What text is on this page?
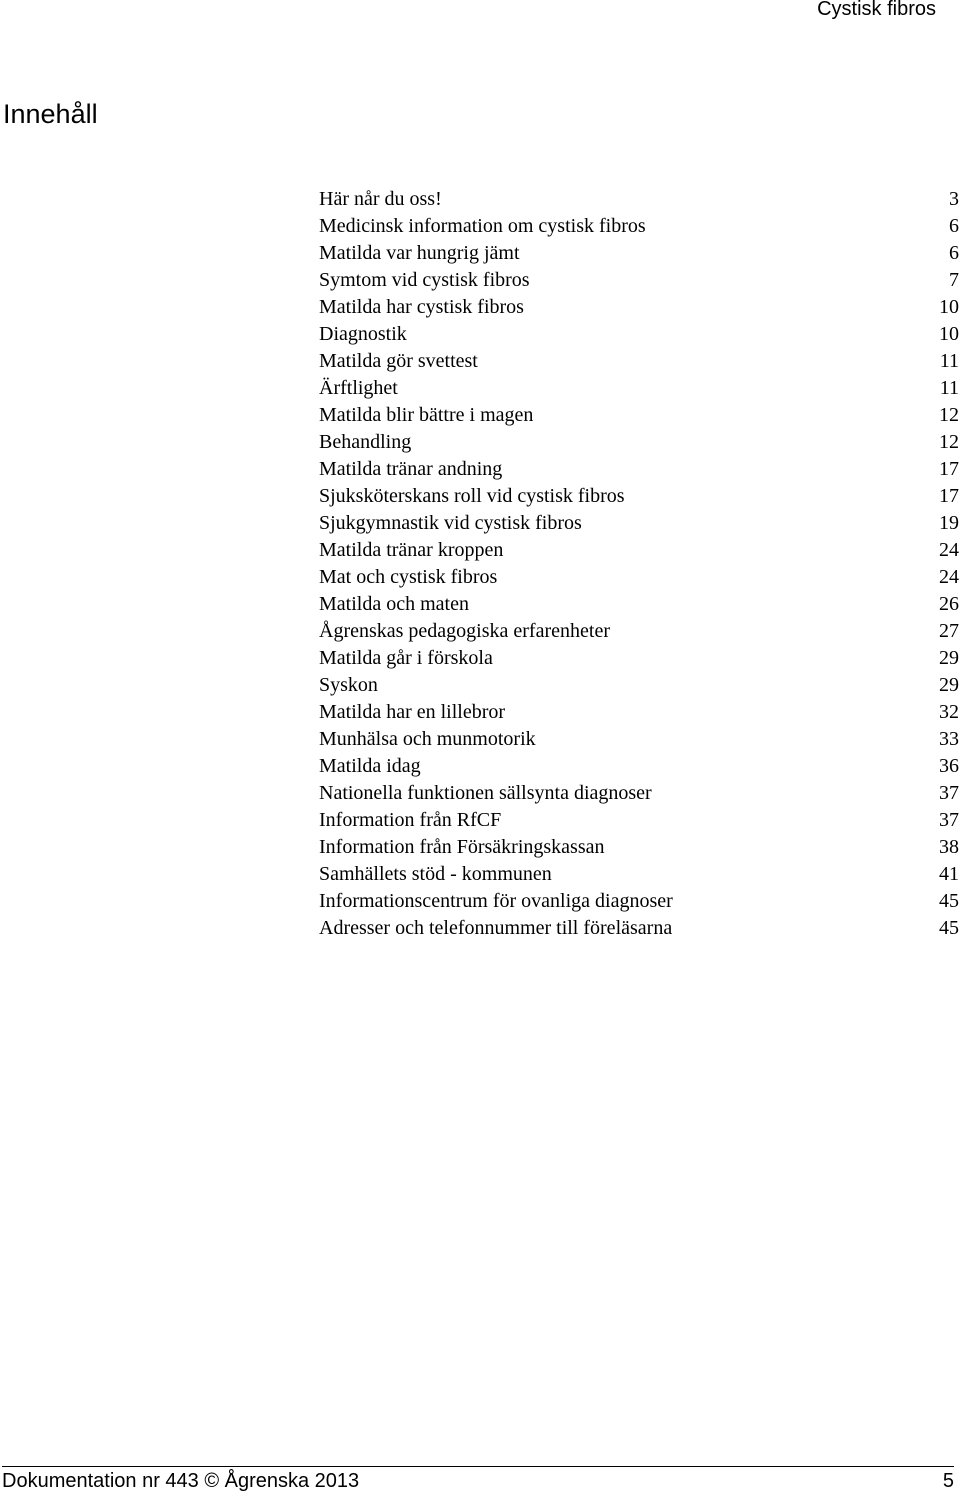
Cystisk fibros
Innehåll
Här når du oss!	3
Medicinsk information om cystisk fibros	6
Matilda var hungrig jämt	6
Symtom vid cystisk fibros	7
Matilda har cystisk fibros	10
Diagnostik	10
Matilda gör svettest	11
Ärftlighet	11
Matilda blir bättre i magen	12
Behandling	12
Matilda tränar andning	17
Sjuksköterskans roll vid cystisk fibros	17
Sjukgymnastik vid cystisk fibros	19
Matilda tränar kroppen	24
Mat och cystisk fibros	24
Matilda och maten	26
Ågrenskas pedagogiska erfarenheter	27
Matilda går i förskola	29
Syskon	29
Matilda har en lillebror	32
Munhälsa och munmotorik	33
Matilda idag	36
Nationella funktionen sällsynta diagnoser	37
Information från RfCF	37
Information från Försäkringskassan	38
Samhällets stöd - kommunen	41
Informationscentrum för ovanliga diagnoser	45
Adresser och telefonnummer till föreläsarna	45
Dokumentation nr 443 © Ågrenska 2013	5
